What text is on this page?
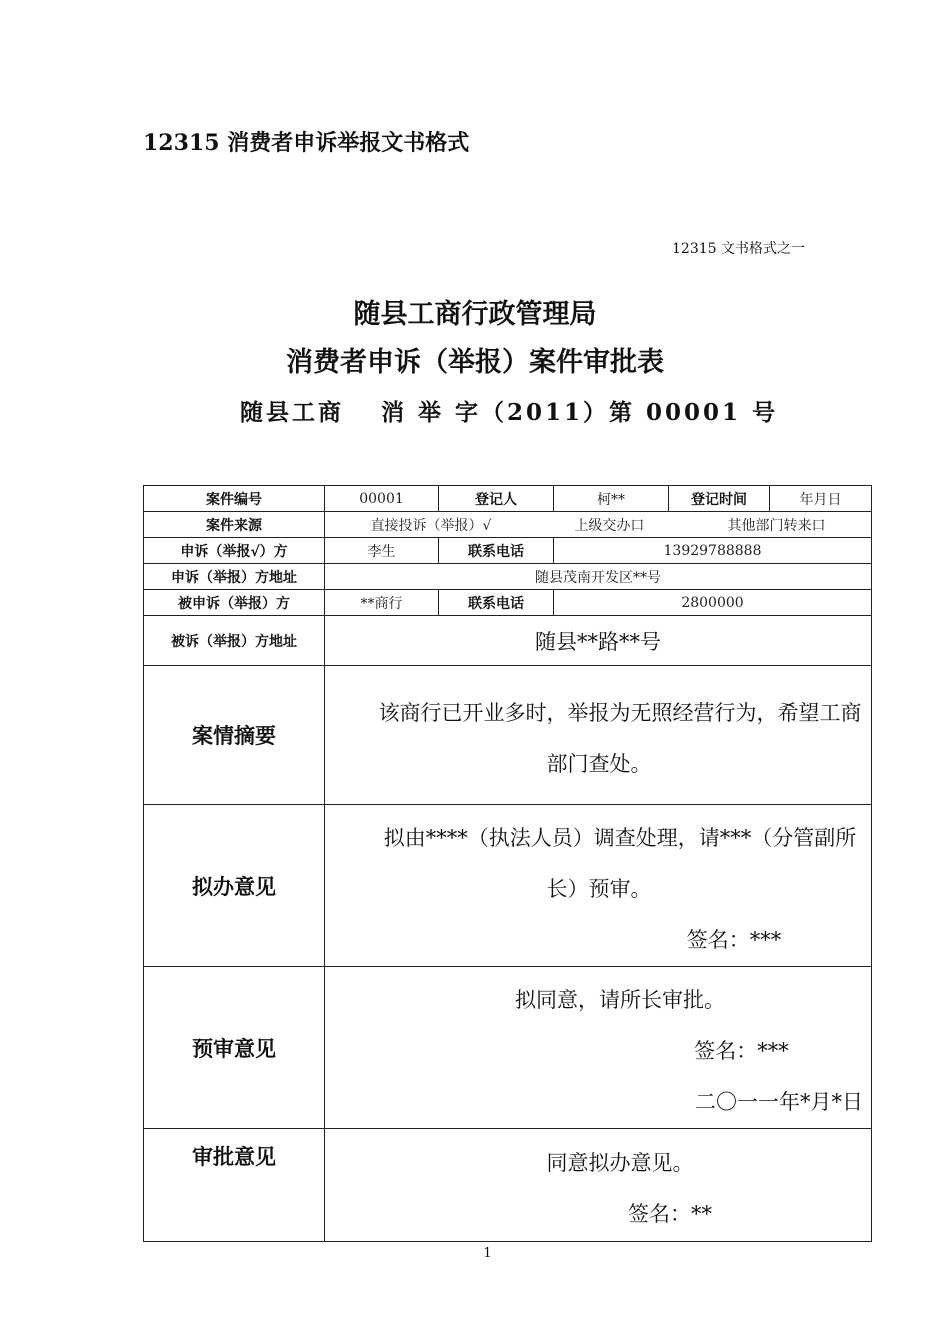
12315 消费者申诉举报文书格式
12315 文书格式之一
随县工商行政管理局
消费者申诉（举报）案件审批表
随县工商　 消 举 字（2011）第 00001 号
案件编号	00001	登记人	柯**	登记时间	年月日
案件来源	直接投诉（举报）√ 上级交办口 其他部门转来口				

申诉（举报√）方	李生	联系电话	13929788888		
申诉（举报）方地址	随县茂南开发区**号				
被申诉（举报）方	**商行	联系电话	2800000		
被诉（举报）方地址	随县**路**号				
案情摘要	该商行已开业多时，举报为无照经营行为，希望工商部门查处。				

拟办意见	拟由****（执法人员）调查处理，请***（分管副所长）预审。
签名：***				

预审意见	拟同意，请所长审批。
签名：***
二〇一一年*月*日				

审批意见	同意拟办意见。
签名：**				
1
